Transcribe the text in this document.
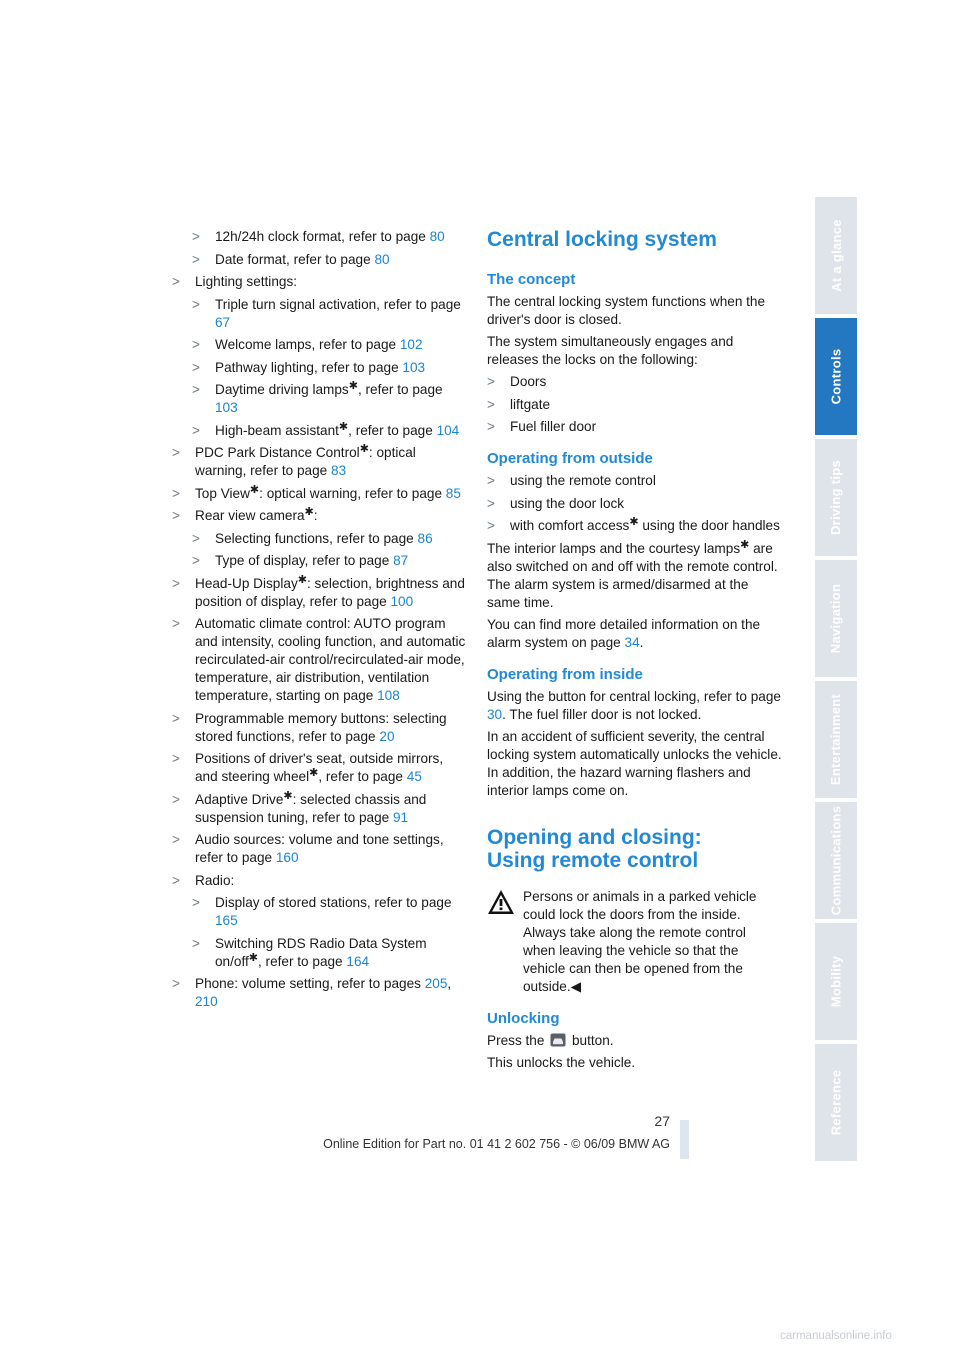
> 12h/24h clock format, refer to page 80
> Date format, refer to page 80
> Lighting settings:
> Triple turn signal activation, refer to page 67
> Welcome lamps, refer to page 102
> Pathway lighting, refer to page 103
> Daytime driving lamps✱, refer to page 103
> High-beam assistant✱, refer to page 104
> PDC Park Distance Control✱: optical warning, refer to page 83
> Top View✱: optical warning, refer to page 85
> Rear view camera✱:
> Selecting functions, refer to page 86
> Type of display, refer to page 87
> Head-Up Display✱: selection, brightness and position of display, refer to page 100
> Automatic climate control: AUTO program and intensity, cooling function, and automatic recirculated-air control/recirculated-air mode, temperature, air distribution, ventilation temperature, starting on page 108
> Programmable memory buttons: selecting stored functions, refer to page 20
> Positions of driver's seat, outside mirrors, and steering wheel✱, refer to page 45
> Adaptive Drive✱: selected chassis and suspension tuning, refer to page 91
> Audio sources: volume and tone settings, refer to page 160
> Radio:
> Display of stored stations, refer to page 165
> Switching RDS Radio Data System on/off✱, refer to page 164
> Phone: volume setting, refer to pages 205, 210
Central locking system
The concept
The central locking system functions when the driver's door is closed.
The system simultaneously engages and releases the locks on the following:
> Doors
> liftgate
> Fuel filler door
Operating from outside
> using the remote control
> using the door lock
> with comfort access✱ using the door handles
The interior lamps and the courtesy lamps✱ are also switched on and off with the remote control. The alarm system is armed/disarmed at the same time.
You can find more detailed information on the alarm system on page 34.
Operating from inside
Using the button for central locking, refer to page 30. The fuel filler door is not locked.
In an accident of sufficient severity, the central locking system automatically unlocks the vehicle. In addition, the hazard warning flashers and interior lamps come on.
Opening and closing:
Using remote control
Persons or animals in a parked vehicle could lock the doors from the inside. Always take along the remote control when leaving the vehicle so that the vehicle can then be opened from the outside.◀
Unlocking
Press the  button.
This unlocks the vehicle.
At a glance
Controls
Driving tips
Navigation
Entertainment
Communications
Mobility
Reference
27
Online Edition for Part no. 01 41 2 602 756 - © 06/09 BMW AG
carmanualsonline.info
